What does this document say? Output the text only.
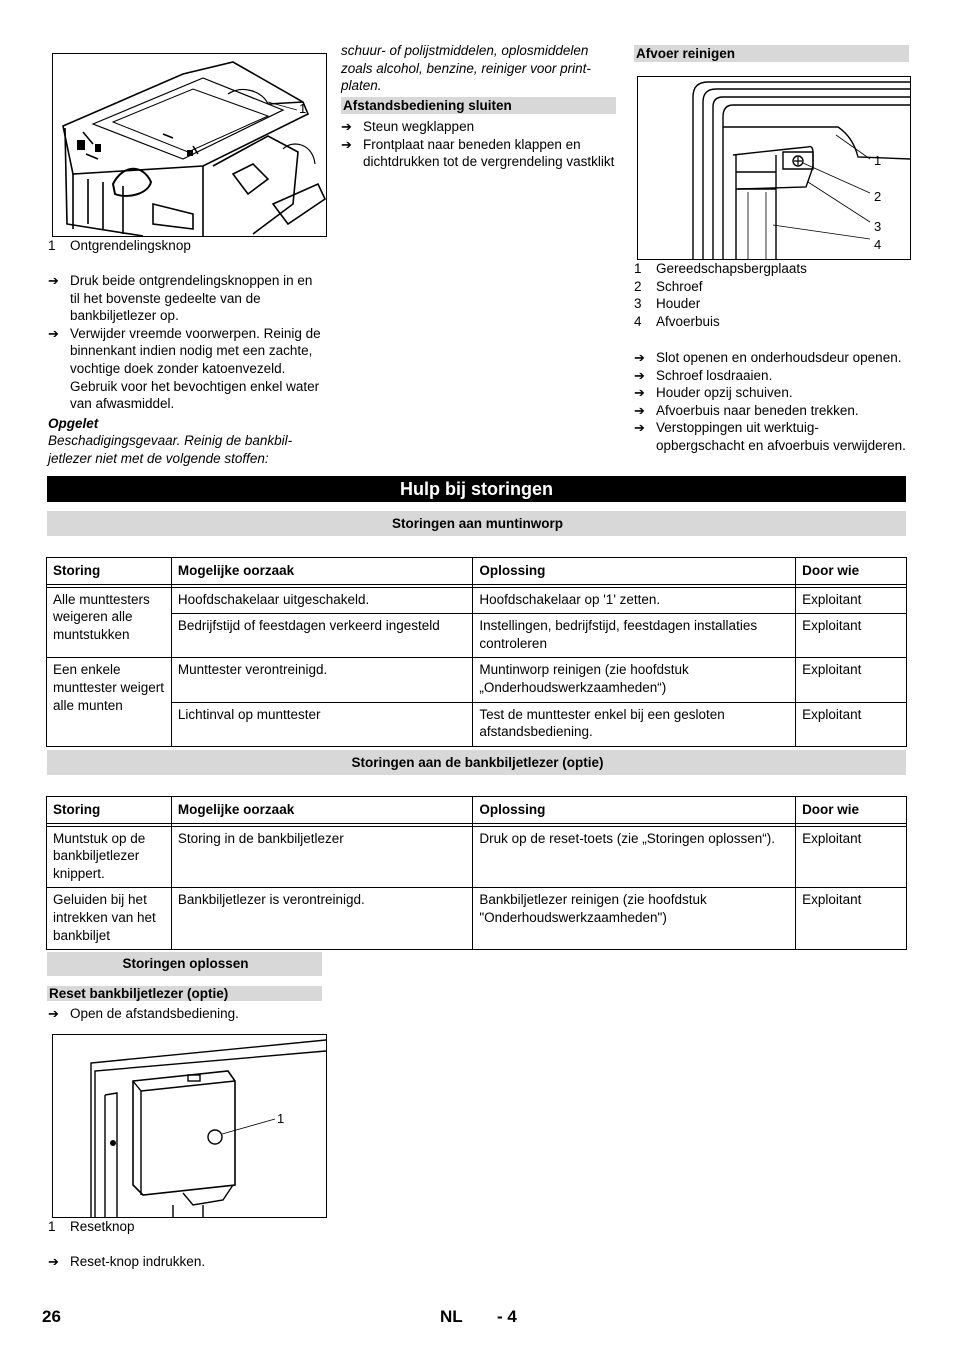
1
1	Ontgrendelingsknop
➔ Druk beide ontgrendelingsknoppen in en til het bovenste gedeelte van de bankbiljetlezer op.
➔ Verwijder vreemde voorwerpen. Reinig de binnenkant indien nodig met een zachte, vochtige doek zonder katoenvezeld. Gebruik voor het bevochtigen enkel water van afwasmiddel.
Opgelet
Beschadigingsgevaar. Reinig de bankbil-
jetlezer niet met de volgende stoffen:
schuur- of polijstmiddelen, oplosmiddelen zoals alcohol, benzine, reiniger voor print-platen.
Afstandsbediening sluiten
➔ Steun wegklappen
➔ Frontplaat naar beneden klappen en dichtdrukken tot de vergrendeling vastklikt
Afvoer reinigen
1
2
3
4
1	Gereedschapsbergplaats
2	Schroef
3	Houder
4	Afvoerbuis
➔ Slot openen en onderhoudsdeur openen.
➔ Schroef losdraaien.
➔ Houder opzij schuiven.
➔ Afvoerbuis naar beneden trekken.
➔ Verstoppingen uit werktuig-opbergschacht en afvoerbuis verwijderen.
Hulp bij storingen
Storingen aan muntinworp
Storing	Mogelijke oorzaak	Oplossing	Door wie

Alle munttesters weigeren alle muntstukken	Hoofdschakelaar uitgeschakeld.	Hoofdschakelaar op '1' zetten.	Exploitant
	Bedrijfstijd of feestdagen verkeerd ingesteld	Instellingen, bedrijfstijd, feestdagen installaties controleren	Exploitant
Een enkele munttester weigert alle munten	Munttester verontreinigd.	Muntinworp reinigen (zie hoofdstuk „Onderhoudswerkzaamheden“)	Exploitant
	Lichtinval op munttester	Test de munttester enkel bij een gesloten afstandsbediening.	Exploitant
Storingen aan de bankbiljetlezer (optie)
Storing	Mogelijke oorzaak	Oplossing	Door wie

Muntstuk op de bankbiljetlezer knippert.	Storing in de bankbiljetlezer	Druk op de reset-toets (zie „Storingen oplossen“).	Exploitant
Geluiden bij het intrekken van het bankbiljet	Bankbiljetlezer is verontreinigd.	Bankbiljetlezer reinigen (zie hoofdstuk "Onderhoudswerkzaamheden")	Exploitant
Storingen oplossen
Reset bankbiljetlezer (optie)
➔ Open de afstandsbediening.
1
1	Resetknop
➔ Reset-knop indrukken.
26	NL - 4
